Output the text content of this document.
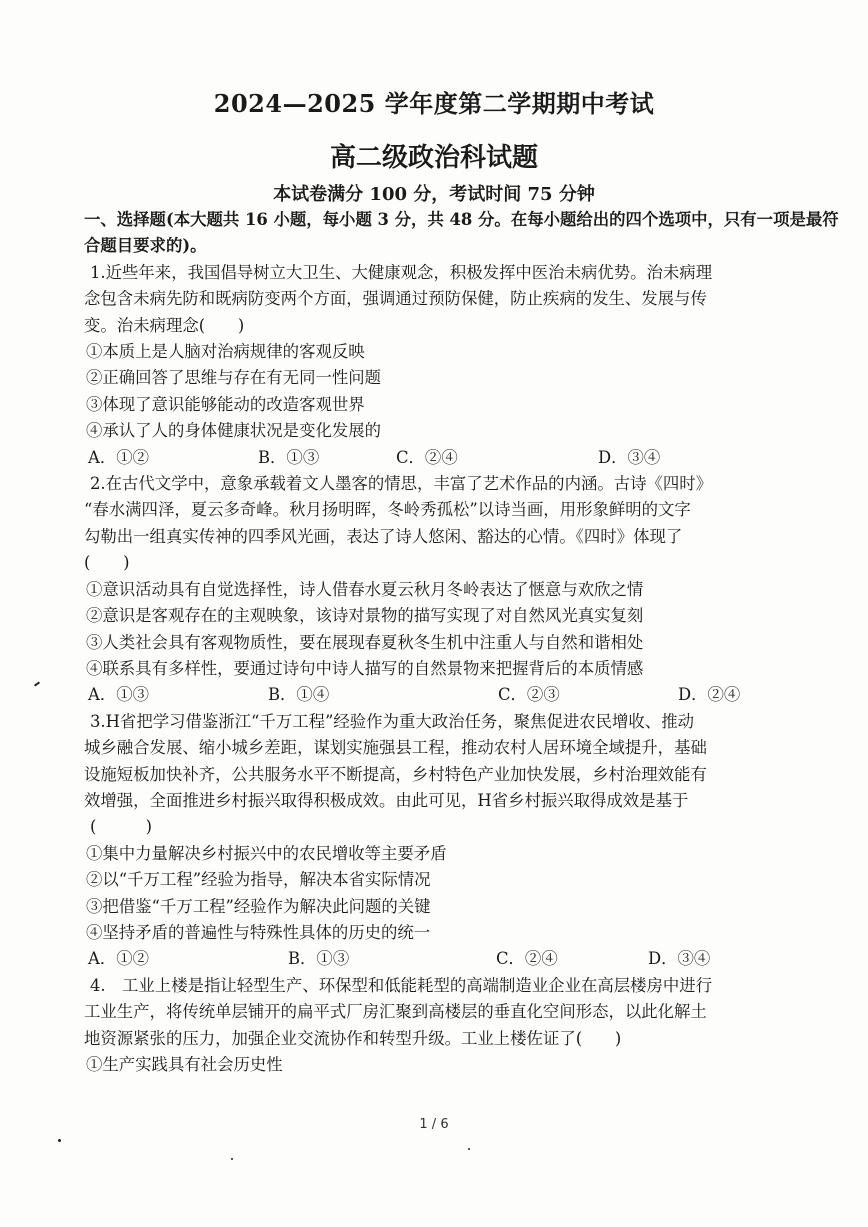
2024—2025 学年度第二学期期中考试
高二级政治科试题
本试卷满分 100 分，考试时间 75 分钟

一、选择题(本大题共 16 小题，每小题 3 分，共 48 分。在每小题给出的四个选项中，只有一项是最符

合题目要求的)。

1.近些年来，我国倡导树立大卫生、大健康观念，积极发挥中医治未病优势。治未病理

念包含未病先防和既病防变两个方面，强调通过预防保健，防止疾病的发生、发展与传

变。治未病理念(　　)

①本质上是人脑对治病规律的客观反映

②正确回答了思维与存在有无同一性问题

③体现了意识能够能动的改造客观世界

④承认了人的身体健康状况是变化发展的

A．①②	B．①③	C．②④	D．③④

2.在古代文学中，意象承载着文人墨客的情思，丰富了艺术作品的内涵。古诗《四时》

“春水满四泽，夏云多奇峰。秋月扬明晖，冬岭秀孤松”以诗当画，用形象鲜明的文字

勾勒出一组真实传神的四季风光画，表达了诗人悠闲、豁达的心情。《四时》体现了

(　　)

①意识活动具有自觉选择性，诗人借春水夏云秋月冬岭表达了惬意与欢欣之情

②意识是客观存在的主观映象，该诗对景物的描写实现了对自然风光真实复刻

③人类社会具有客观物质性，要在展现春夏秋冬生机中注重人与自然和谐相处

④联系具有多样性，要通过诗句中诗人描写的自然景物来把握背后的本质情感

A．①③	B．①④	C．②③	D．②④

3.H省把学习借鉴浙江“千万工程”经验作为重大政治任务，聚焦促进农民增收、推动

城乡融合发展、缩小城乡差距，谋划实施强县工程，推动农村人居环境全域提升，基础

设施短板加快补齐，公共服务水平不断提高，乡村特色产业加快发展，乡村治理效能有

效增强，全面推进乡村振兴取得积极成效。由此可见，H省乡村振兴取得成效是基于

(　　　)

①集中力量解决乡村振兴中的农民增收等主要矛盾

②以“千万工程”经验为指导，解决本省实际情况

③把借鉴“千万工程”经验作为解决此问题的关键

④坚持矛盾的普遍性与特殊性具体的历史的统一

A．①②	B．①③	C．②④	D．③④

4.　工业上楼是指让轻型生产、环保型和低能耗型的高端制造业企业在高层楼房中进行

工业生产，将传统单层铺开的扁平式厂房汇聚到高楼层的垂直化空间形态，以此化解土

地资源紧张的压力，加强企业交流协作和转型升级。工业上楼佐证了(　　)

①生产实践具有社会历史性

1 / 6
